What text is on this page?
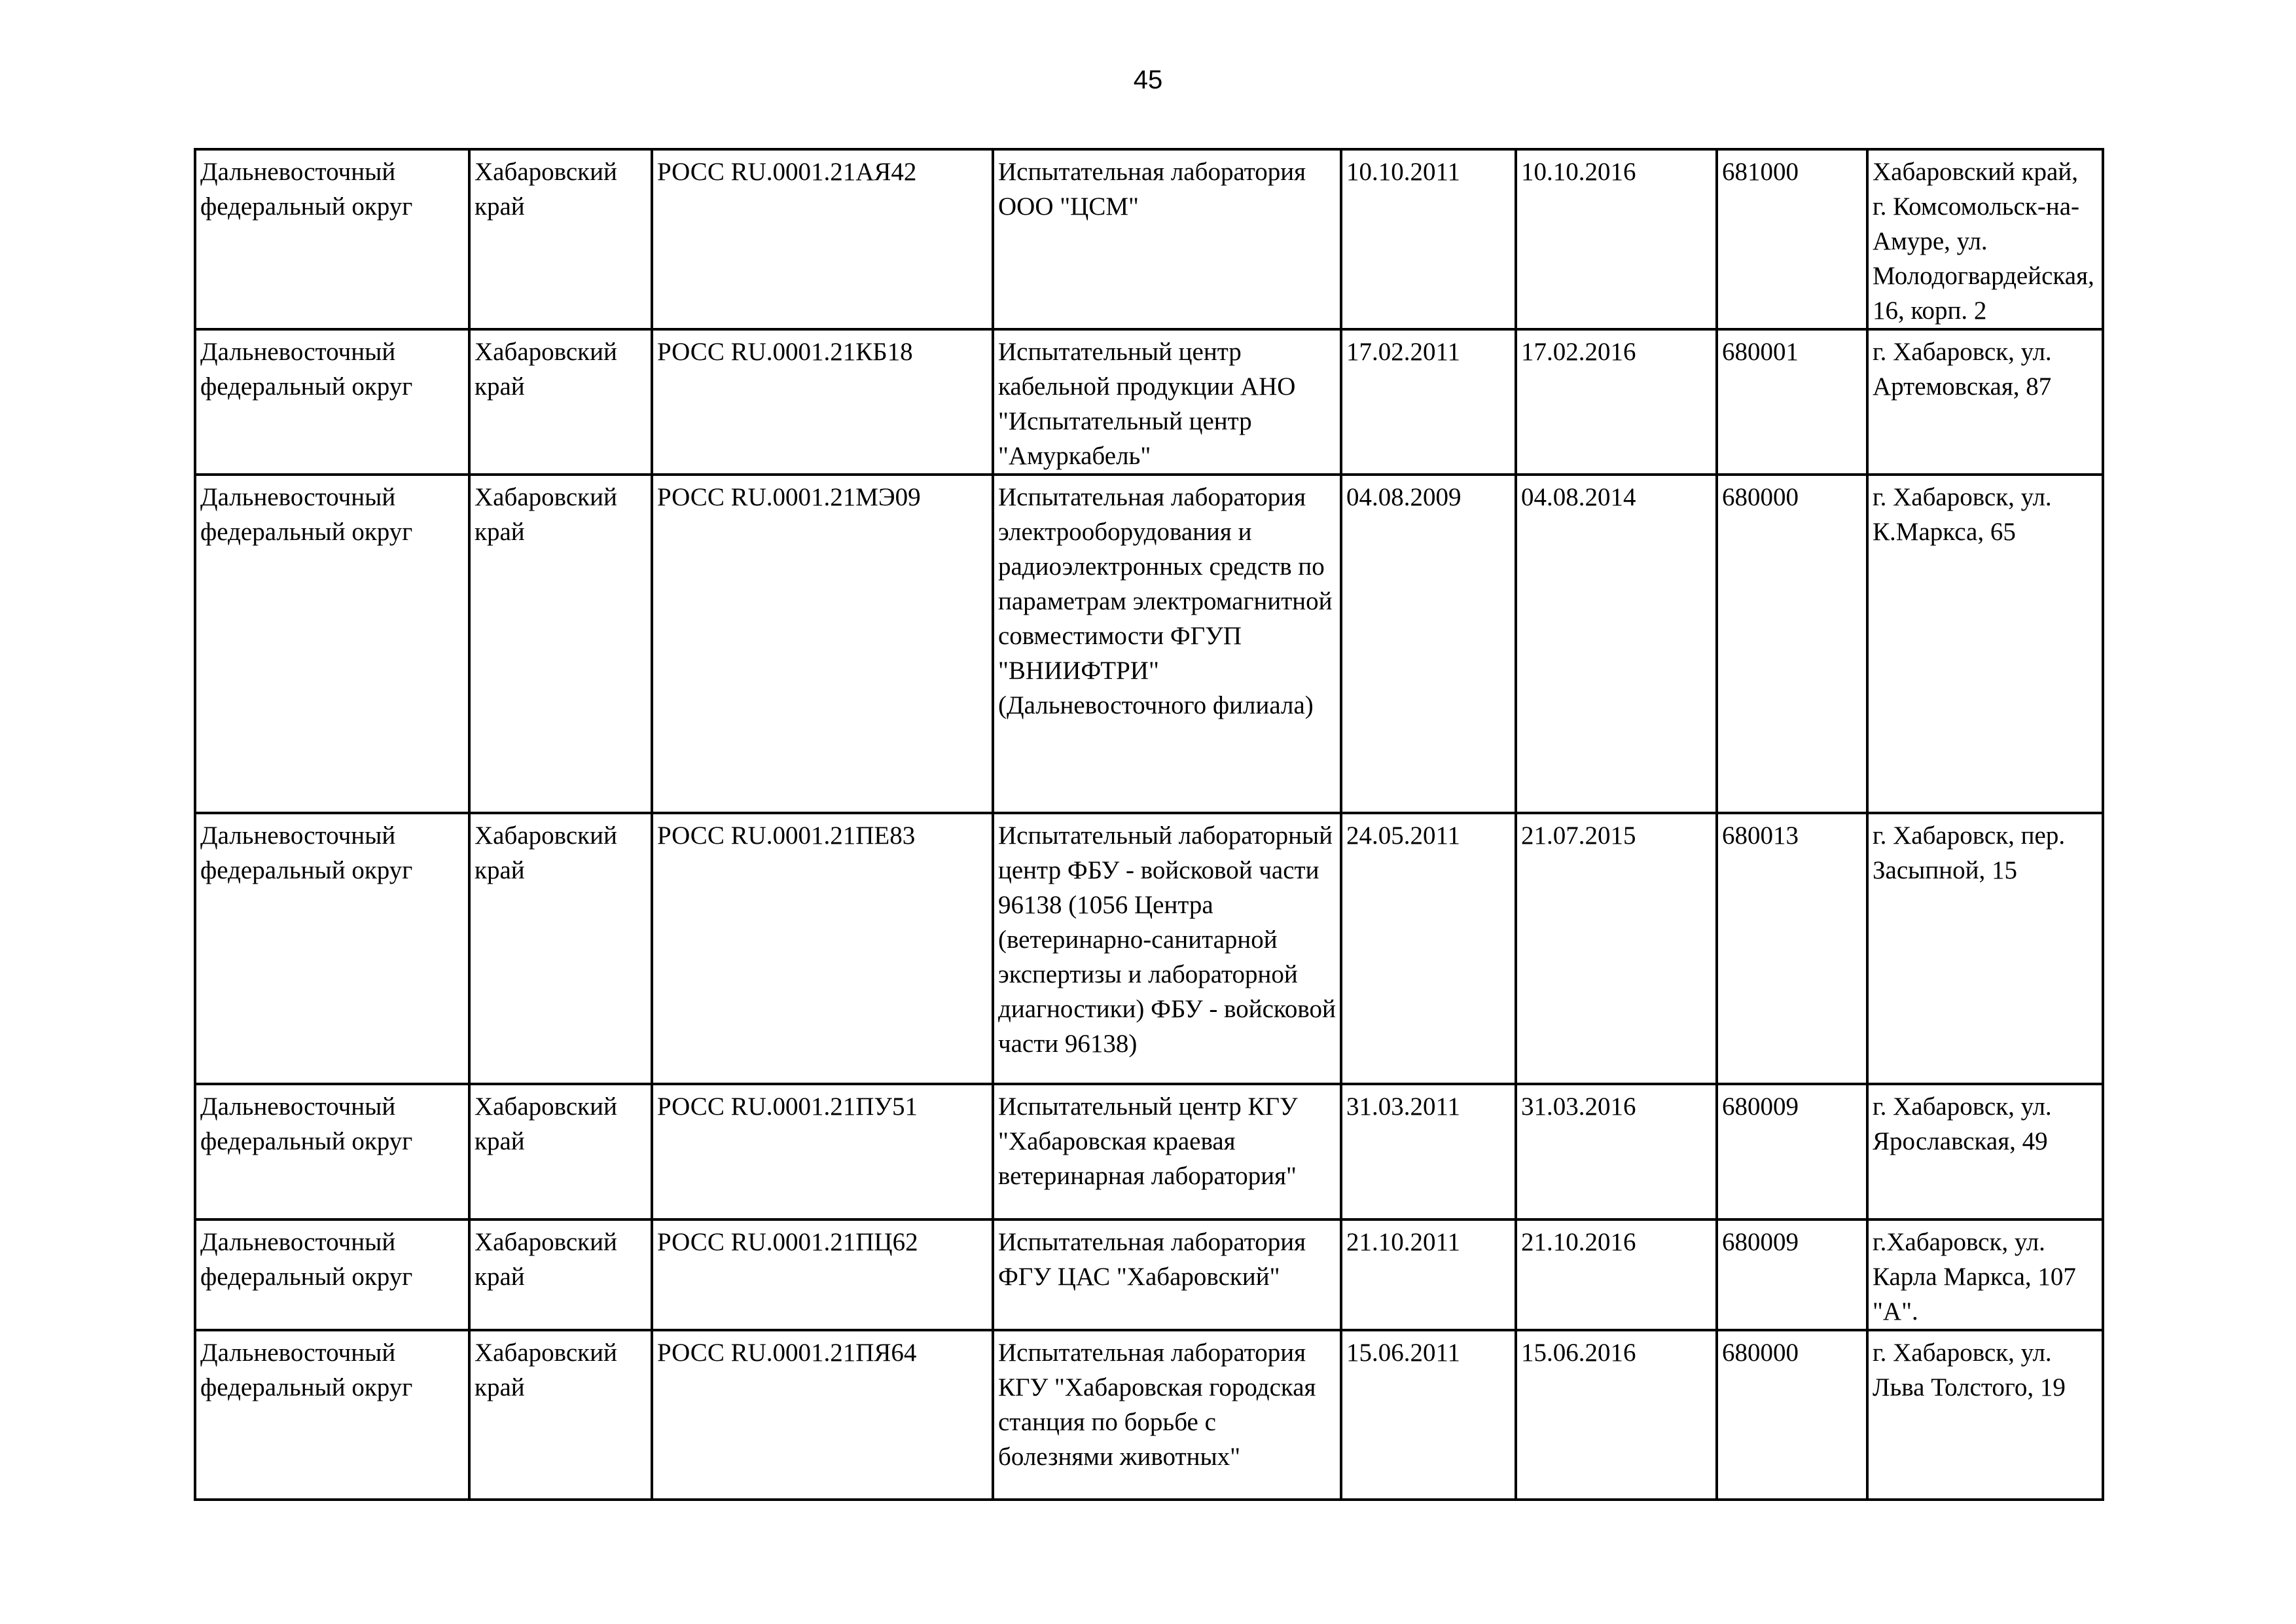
45
Дальневосточный федеральный округ	Хабаровский край	РОСС RU.0001.21АЯ42	Испытательная лаборатория ООО "ЦСМ"	10.10.2011	10.10.2016	681000	Хабаровский край, г. Комсомольск-на-Амуре, ул. Молодогвардейская, 16, корп. 2
Дальневосточный федеральный округ	Хабаровский край	РОСС RU.0001.21КБ18	Испытательный центр кабельной продукции АНО "Испытательный центр "Амуркабель"	17.02.2011	17.02.2016	680001	г. Хабаровск, ул. Артемовская, 87
Дальневосточный федеральный округ	Хабаровский край	РОСС RU.0001.21МЭ09	Испытательная лаборатория электрооборудования и радиоэлектронных средств по параметрам электромагнитной совместимости ФГУП "ВНИИФТРИ" (Дальневосточного филиала)	04.08.2009	04.08.2014	680000	г. Хабаровск, ул. К.Маркса, 65
Дальневосточный федеральный округ	Хабаровский край	РОСС RU.0001.21ПЕ83	Испытательный лабораторный центр ФБУ - войсковой части 96138 (1056 Центра (ветеринарно-санитарной экспертизы и лабораторной диагностики) ФБУ - войсковой части 96138)	24.05.2011	21.07.2015	680013	г. Хабаровск, пер. Засыпной, 15
Дальневосточный федеральный округ	Хабаровский край	РОСС RU.0001.21ПУ51	Испытательный центр КГУ "Хабаровская краевая ветеринарная лаборатория"	31.03.2011	31.03.2016	680009	г. Хабаровск, ул. Ярославская, 49
Дальневосточный федеральный округ	Хабаровский край	РОСС RU.0001.21ПЦ62	Испытательная лаборатория ФГУ ЦАС "Хабаровский"	21.10.2011	21.10.2016	680009	г.Хабаровск, ул. Карла Маркса, 107 "А".
Дальневосточный федеральный округ	Хабаровский край	РОСС RU.0001.21ПЯ64	Испытательная лаборатория КГУ "Хабаровская городская станция по борьбе с болезнями животных"	15.06.2011	15.06.2016	680000	г. Хабаровск, ул. Льва Толстого, 19
